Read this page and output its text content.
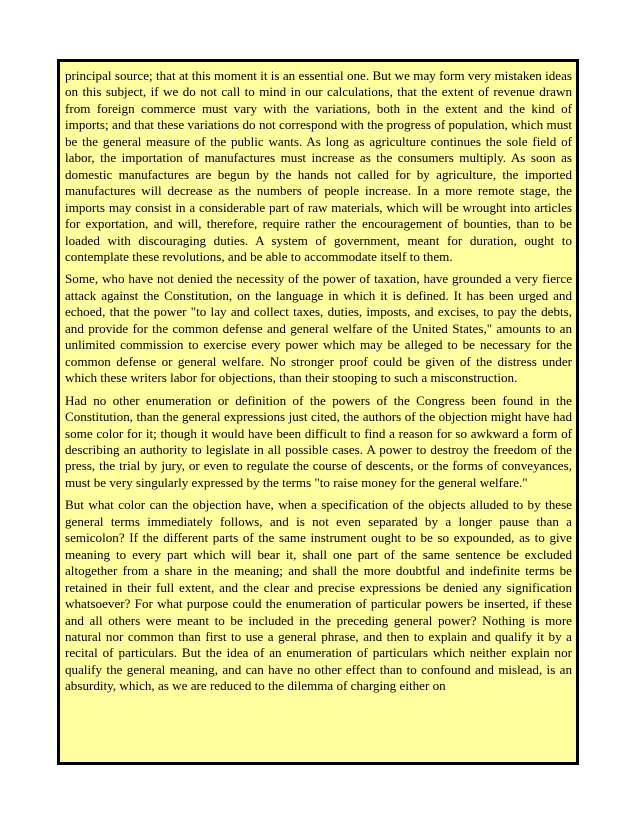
principal source; that at this moment it is an essential one. But we may form very mistaken ideas on this subject, if we do not call to mind in our calculations, that the extent of revenue drawn from foreign commerce must vary with the variations, both in the extent and the kind of imports; and that these variations do not correspond with the progress of population, which must be the general measure of the public wants. As long as agriculture continues the sole field of labor, the importation of manufactures must increase as the consumers multiply. As soon as domestic manufactures are begun by the hands not called for by agriculture, the imported manufactures will decrease as the numbers of people increase. In a more remote stage, the imports may consist in a considerable part of raw materials, which will be wrought into articles for exportation, and will, therefore, require rather the encouragement of bounties, than to be loaded with discouraging duties. A system of government, meant for duration, ought to contemplate these revolutions, and be able to accommodate itself to them.

Some, who have not denied the necessity of the power of taxation, have grounded a very fierce attack against the Constitution, on the language in which it is defined. It has been urged and echoed, that the power "to lay and collect taxes, duties, imposts, and excises, to pay the debts, and provide for the common defense and general welfare of the United States," amounts to an unlimited commission to exercise every power which may be alleged to be necessary for the common defense or general welfare. No stronger proof could be given of the distress under which these writers labor for objections, than their stooping to such a misconstruction.

Had no other enumeration or definition of the powers of the Congress been found in the Constitution, than the general expressions just cited, the authors of the objection might have had some color for it; though it would have been difficult to find a reason for so awkward a form of describing an authority to legislate in all possible cases. A power to destroy the freedom of the press, the trial by jury, or even to regulate the course of descents, or the forms of conveyances, must be very singularly expressed by the terms "to raise money for the general welfare."

But what color can the objection have, when a specification of the objects alluded to by these general terms immediately follows, and is not even separated by a longer pause than a semicolon? If the different parts of the same instrument ought to be so expounded, as to give meaning to every part which will bear it, shall one part of the same sentence be excluded altogether from a share in the meaning; and shall the more doubtful and indefinite terms be retained in their full extent, and the clear and precise expressions be denied any signification whatsoever? For what purpose could the enumeration of particular powers be inserted, if these and all others were meant to be included in the preceding general power? Nothing is more natural nor common than first to use a general phrase, and then to explain and qualify it by a recital of particulars. But the idea of an enumeration of particulars which neither explain nor qualify the general meaning, and can have no other effect than to confound and mislead, is an absurdity, which, as we are reduced to the dilemma of charging either on
